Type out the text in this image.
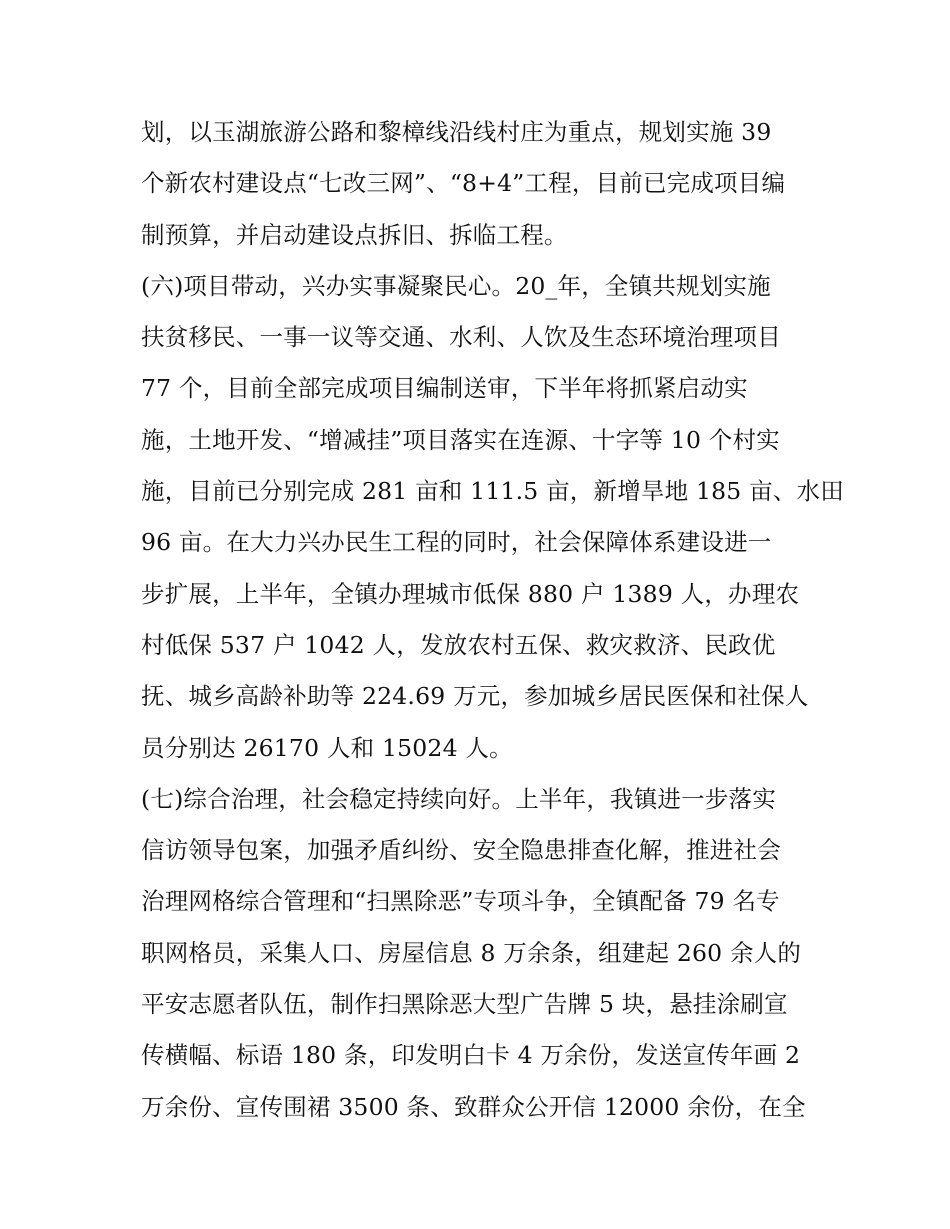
划，以玉湖旅游公路和黎樟线沿线村庄为重点，规划实施 39
个新农村建设点“七改三网”、“8+4”工程，目前已完成项目编
制预算，并启动建设点拆旧、拆临工程。
(六)项目带动，兴办实事凝聚民心。20_年，全镇共规划实施
扶贫移民、一事一议等交通、水利、人饮及生态环境治理项目
77 个，目前全部完成项目编制送审，下半年将抓紧启动实
施，土地开发、“增减挂”项目落实在连源、十字等 10 个村实
施，目前已分别完成 281 亩和 111.5 亩，新增旱地 185 亩、水田
96 亩。在大力兴办民生工程的同时，社会保障体系建设进一
步扩展，上半年，全镇办理城市低保 880 户 1389 人，办理农
村低保 537 户 1042 人，发放农村五保、救灾救济、民政优
抚、城乡高龄补助等 224.69 万元，参加城乡居民医保和社保人
员分别达 26170 人和 15024 人。
(七)综合治理，社会稳定持续向好。上半年，我镇进一步落实
信访领导包案，加强矛盾纠纷、安全隐患排查化解，推进社会
治理网格综合管理和“扫黑除恶”专项斗争，全镇配备 79 名专
职网格员，采集人口、房屋信息 8 万余条，组建起 260 余人的
平安志愿者队伍，制作扫黑除恶大型广告牌 5 块，悬挂涂刷宣
传横幅、标语 180 条，印发明白卡 4 万余份，发送宣传年画 2
万余份、宣传围裙 3500 条、致群众公开信 12000 余份，在全
